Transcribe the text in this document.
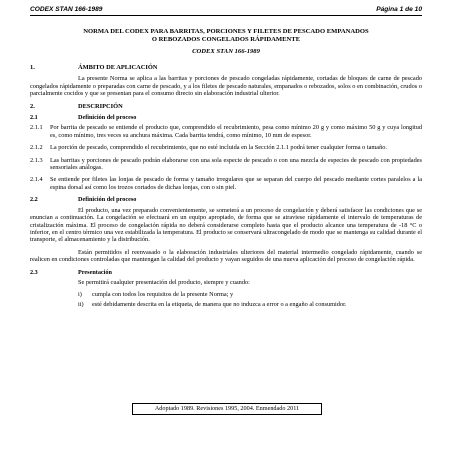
CODEX STAN 166-1989	Página 1 de 10
NORMA DEL CODEX PARA BARRITAS, PORCIONES Y FILETES DE PESCADO EMPANADOS
O REBOZADOS CONGELADOS RÁPIDAMENTE
CODEX STAN 166-1989
1.	ÁMBITO DE APLICACIÓN

La presente Norma se aplica a las barritas y porciones de pescado congeladas rápidamente, cortadas de bloques de carne de pescado congelados rápidamente o preparadas con carne de pescado, y a los filetes de pescado naturales, empanados o rebozados, solos o en combinación, crudos o parcialmente cocidos y que se presentan para el consumo directo sin elaboración industrial ulterior.

2.	DESCRIPCIÓN
2.1	Definición del proceso
2.1.1	Por barrita de pescado se entiende el producto que, comprendido el recubrimiento, pesa como mínimo 20 g y como máximo 50 g y cuya longitud es, como mínimo, tres veces su anchura máxima. Cada barrita tendrá, como mínimo, 10 mm de espesor.
2.1.2	La porción de pescado, comprendido el recubrimiento, que no esté incluida en la Sección 2.1.1 podrá tener cualquier forma o tamaño.
2.1.3	Las barritas y porciones de pescado podrán elaborarse con una sola especie de pescado o con una mezcla de especies de pescado con propiedades sensoriales análogas.
2.1.4	Se entiende por filetes las lonjas de pescado de forma y tamaño irregulares que se separan del cuerpo del pescado mediante cortes paralelos a la espina dorsal así como los trozos cortados de dichas lonjas, con o sin piel.
2.2	Definición del proceso

El producto, una vez preparado convenientemente, se someterá a un proceso de congelación y deberá satisfacer las condiciones que se enuncian a continuación. La congelación se efectuará en un equipo apropiado, de forma que se atraviese rápidamente el intervalo de temperaturas de cristalización máxima. El proceso de congelación rápida no deberá considerarse completo hasta que el producto alcance una temperatura de -18 °C o inferior, en el centro térmico una vez estabilizada la temperatura. El producto se conservará ultracongelado de modo que se mantenga su calidad durante el transporte, el almacenamiento y la distribución.

Están permitidos el reenvasado o la elaboración industriales ulteriores del material intermedio congelado rápidamente, cuando se realicen en condiciones controladas que mantengan la calidad del producto y vayan seguidos de una nueva aplicación del proceso de congelación rápida.

2.3	Presentación

Se permitirá cualquier presentación del producto, siempre y cuando:

i)	cumpla con todos los requisitos de la presente Norma; y
ii)	esté debidamente descrita en la etiqueta, de manera que no induzca a error o a engaño al consumidor.
Adoptado 1989. Revisiones 1995, 2004. Enmendado 2011
